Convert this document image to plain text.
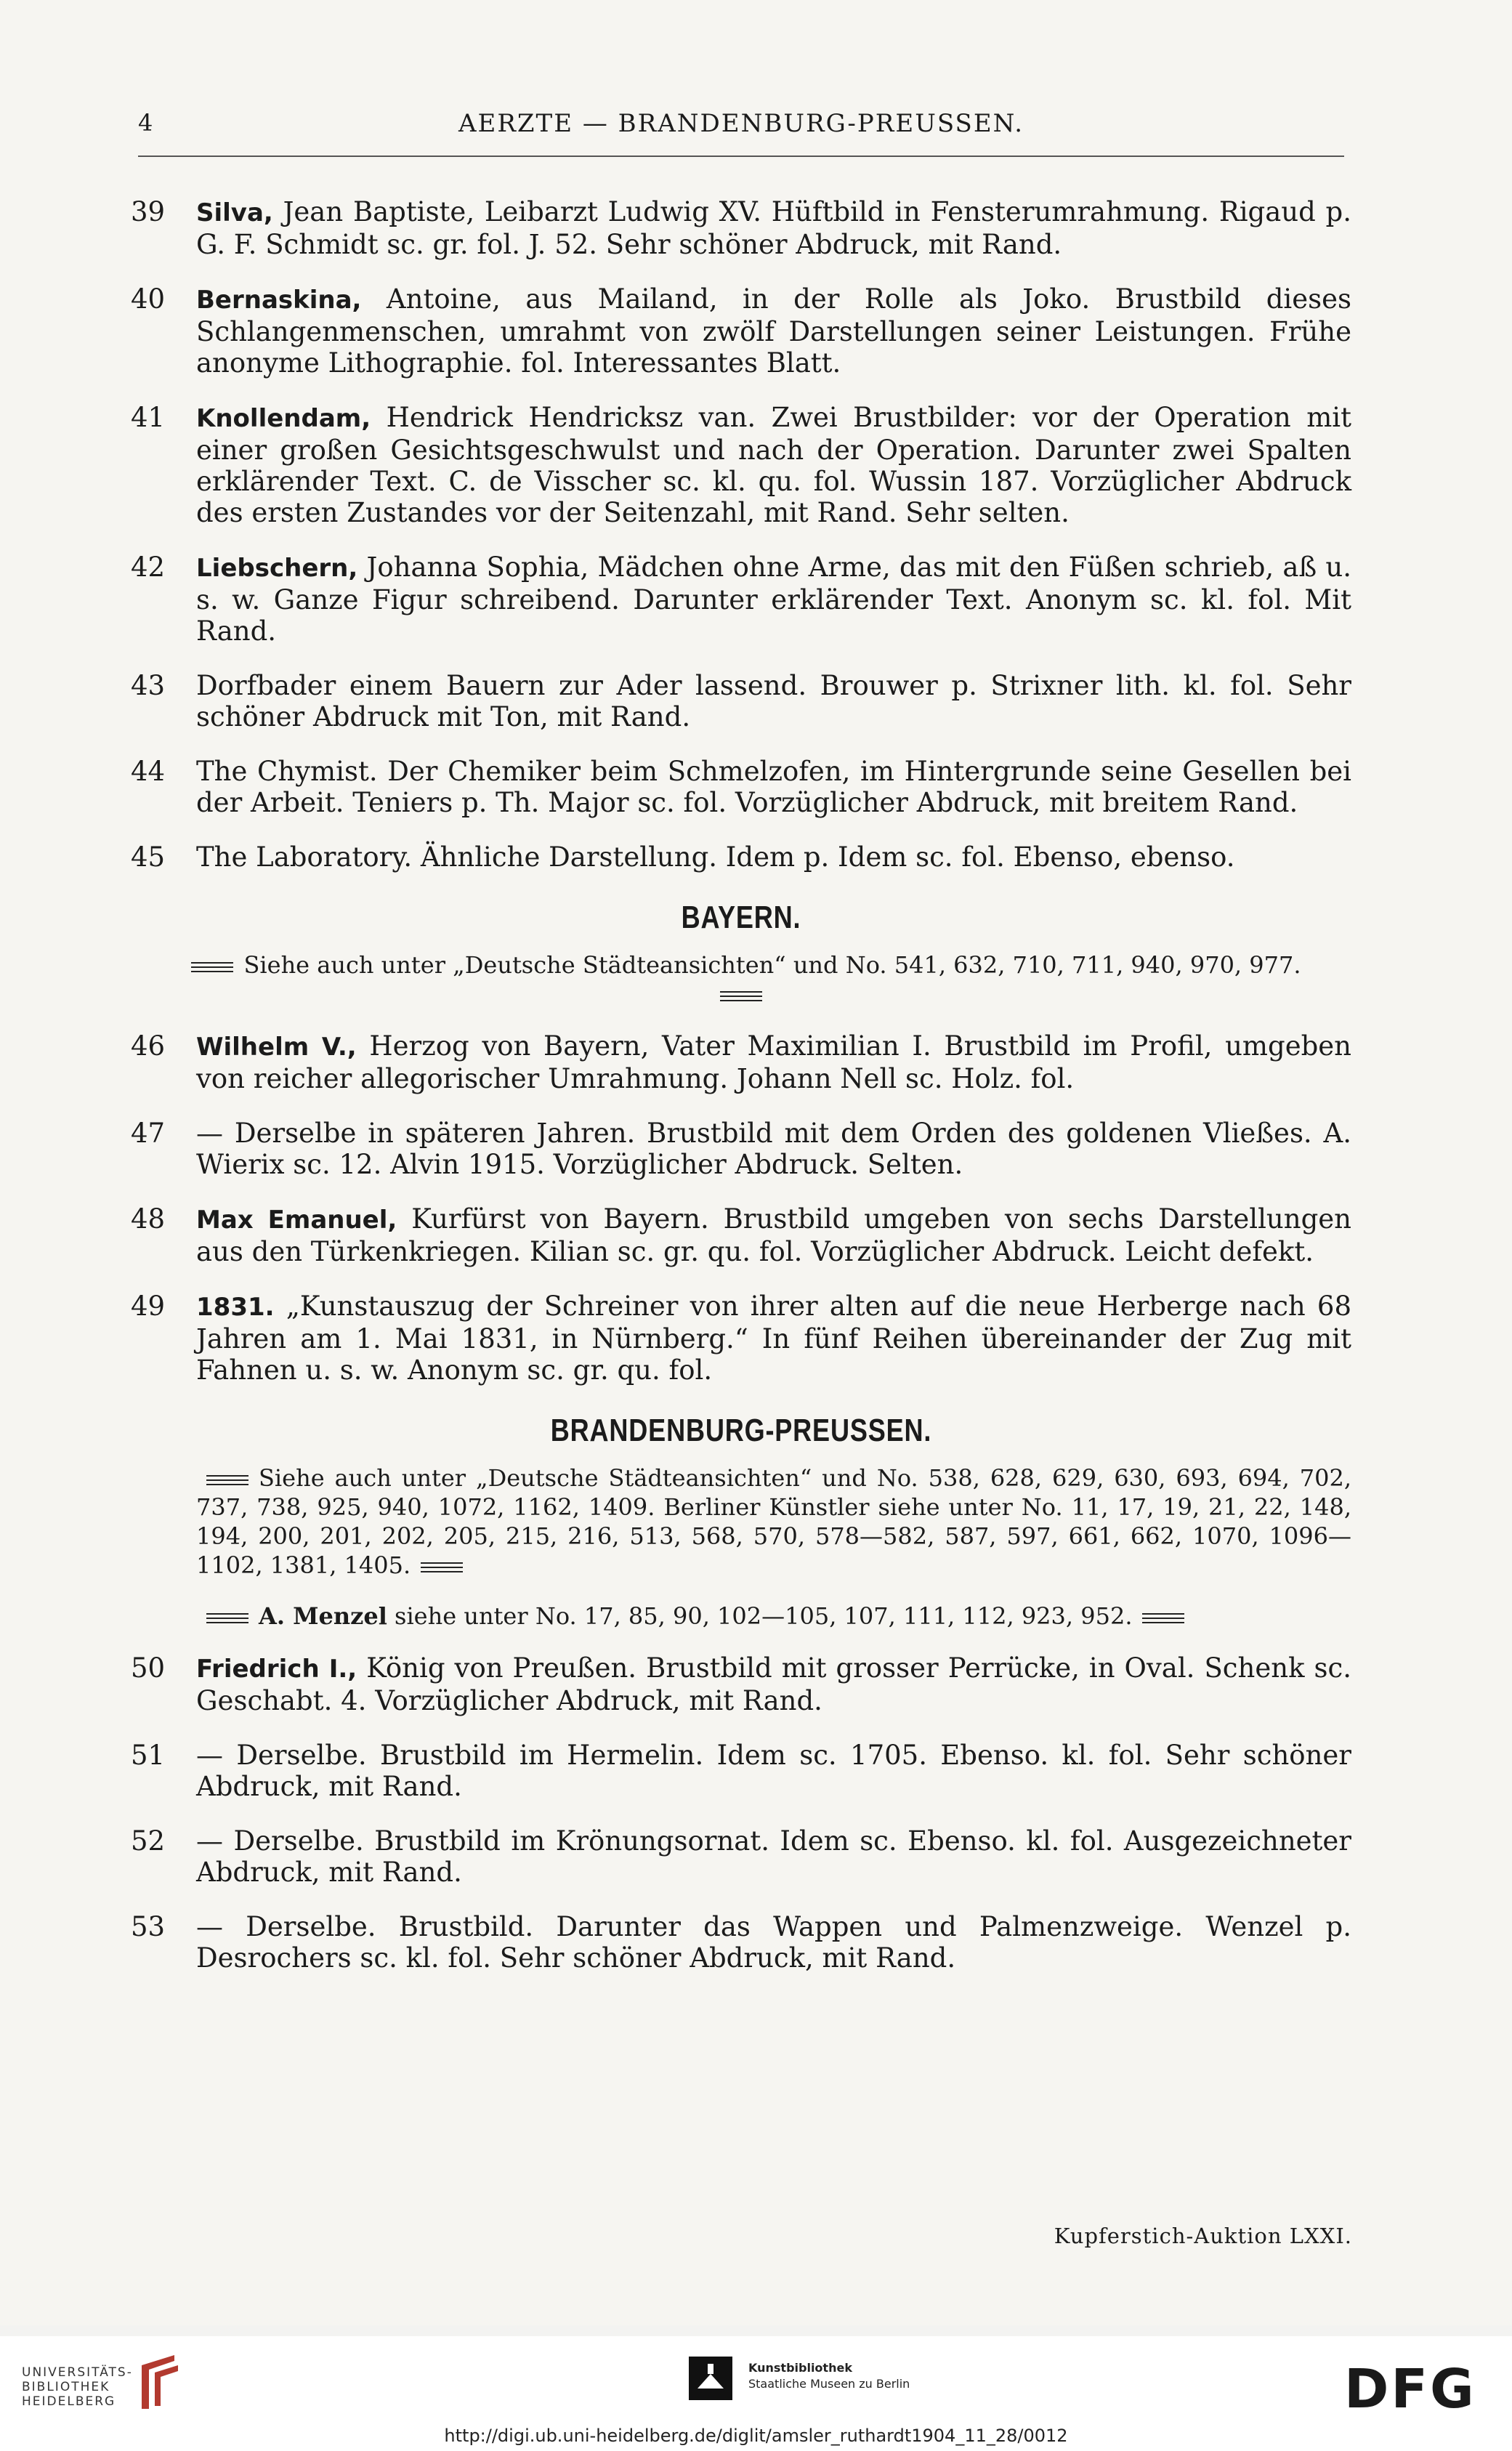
4	AERZTE — BRANDENBURG-PREUSSEN.
39	Silva, Jean Baptiste, Leibarzt Ludwig XV. Hüftbild in Fensterumrahmung. Rigaud p. G. F. Schmidt sc. gr. fol. J. 52. Sehr schöner Abdruck, mit Rand.
40	Bernaskina, Antoine, aus Mailand, in der Rolle als Joko. Brustbild dieses Schlangenmenschen, umrahmt von zwölf Darstellungen seiner Leistungen. Frühe anonyme Lithographie. fol. Interessantes Blatt.
41	Knollendam, Hendrick Hendricksz van. Zwei Brustbilder: vor der Operation mit einer großen Gesichtsgeschwulst und nach der Operation. Darunter zwei Spalten erklärender Text. C. de Visscher sc. kl. qu. fol. Wussin 187. Vorzüglicher Abdruck des ersten Zustandes vor der Seitenzahl, mit Rand. Sehr selten.
42	Liebschern, Johanna Sophia, Mädchen ohne Arme, das mit den Füßen schrieb, aß u. s. w. Ganze Figur schreibend. Darunter erklärender Text. Anonym sc. kl. fol. Mit Rand.
43	Dorfbader einem Bauern zur Ader lassend. Brouwer p. Strixner lith. kl. fol. Sehr schöner Abdruck mit Ton, mit Rand.
44	The Chymist. Der Chemiker beim Schmelzofen, im Hintergrunde seine Gesellen bei der Arbeit. Teniers p. Th. Major sc. fol. Vorzüglicher Abdruck, mit breitem Rand.
45	The Laboratory. Ähnliche Darstellung. Idem p. Idem sc. fol. Ebenso, ebenso.
BAYERN.
Siehe auch unter „Deutsche Städteansichten“ und No. 541, 632, 710, 711, 940, 970, 977.
46	Wilhelm V., Herzog von Bayern, Vater Maximilian I. Brustbild im Profil, umgeben von reicher allegorischer Umrahmung. Johann Nell sc. Holz. fol.
47	— Derselbe in späteren Jahren. Brustbild mit dem Orden des goldenen Vließes. A. Wierix sc. 12. Alvin 1915. Vorzüglicher Abdruck. Selten.
48	Max Emanuel, Kurfürst von Bayern. Brustbild umgeben von sechs Darstellungen aus den Türkenkriegen. Kilian sc. gr. qu. fol. Vorzüglicher Abdruck. Leicht defekt.
49	1831. „Kunstauszug der Schreiner von ihrer alten auf die neue Herberge nach 68 Jahren am 1. Mai 1831, in Nürnberg.“ In fünf Reihen übereinander der Zug mit Fahnen u. s. w. Anonym sc. gr. qu. fol.
BRANDENBURG-PREUSSEN.
Siehe auch unter „Deutsche Städteansichten“ und No. 538, 628, 629, 630, 693, 694, 702, 737, 738, 925, 940, 1072, 1162, 1409. Berliner Künstler siehe unter No. 11, 17, 19, 21, 22, 148, 194, 200, 201, 202, 205, 215, 216, 513, 568, 570, 578—582, 587, 597, 661, 662, 1070, 1096—1102, 1381, 1405.
A. Menzel siehe unter No. 17, 85, 90, 102—105, 107, 111, 112, 923, 952.
50	Friedrich I., König von Preußen. Brustbild mit grosser Perrücke, in Oval. Schenk sc. Geschabt. 4. Vorzüglicher Abdruck, mit Rand.
51	— Derselbe. Brustbild im Hermelin. Idem sc. 1705. Ebenso. kl. fol. Sehr schöner Abdruck, mit Rand.
52	— Derselbe. Brustbild im Krönungsornat. Idem sc. Ebenso. kl. fol. Ausgezeichneter Abdruck, mit Rand.
53	— Derselbe. Brustbild. Darunter das Wappen und Palmenzweige. Wenzel p. Desrochers sc. kl. fol. Sehr schöner Abdruck, mit Rand.
Kupferstich-Auktion LXXI.
UNIVERSITÄTS-
BIBLIOTHEK
HEIDELBERG
Kunstbibliothek
Staatliche Museen zu Berlin	DFG
http://digi.ub.uni-heidelberg.de/diglit/amsler_ruthardt1904_11_28/0012
